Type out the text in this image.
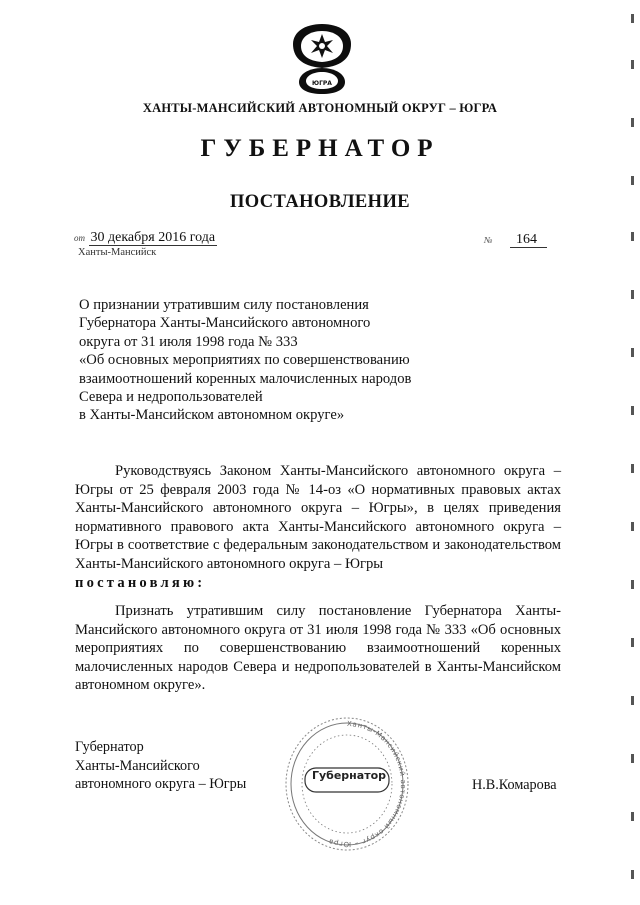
ЮГРА
ХАНТЫ-МАНСИЙСКИЙ АВТОНОМНЫЙ ОКРУГ – ЮГРА
ГУБЕРНАТОР
ПОСТАНОВЛЕНИЕ
от 30 декабря 2016 года
Ханты-Мансийск
№ 164
О признании утратившим силу постановления
Губернатора Ханты-Мансийского автономного
округа от 31 июля 1998 года № 333
«Об основных мероприятиях по совершенствованию
взаимоотношений коренных малочисленных народов
Севера и недропользователей
в Ханты-Мансийском автономном округе»
Руководствуясь Законом Ханты-Мансийского автономного округа – Югры от 25 февраля 2003 года № 14-оз «О нормативных правовых актах Ханты-Мансийского автономного округа – Югры», в целях приведения нормативного правового акта Ханты-Мансийского автономного округа – Югры в соответствие с федеральным законодательством и законодательством Ханты-Мансийского автономного округа – Югры
постановляю:
Признать утратившим силу постановление Губернатора Ханты-Мансийского автономного округа от 31 июля 1998 года № 333 «Об основных мероприятиях по совершенствованию взаимоотношений коренных малочисленных народов Севера и недропользователей в Ханты-Мансийском автономном округе».
Губернатор
Ханты-Мансийского
автономного округа – Югры
Ханты-Мансийский автономный округ – Югра
Губернатор
Н.В.Комарова
